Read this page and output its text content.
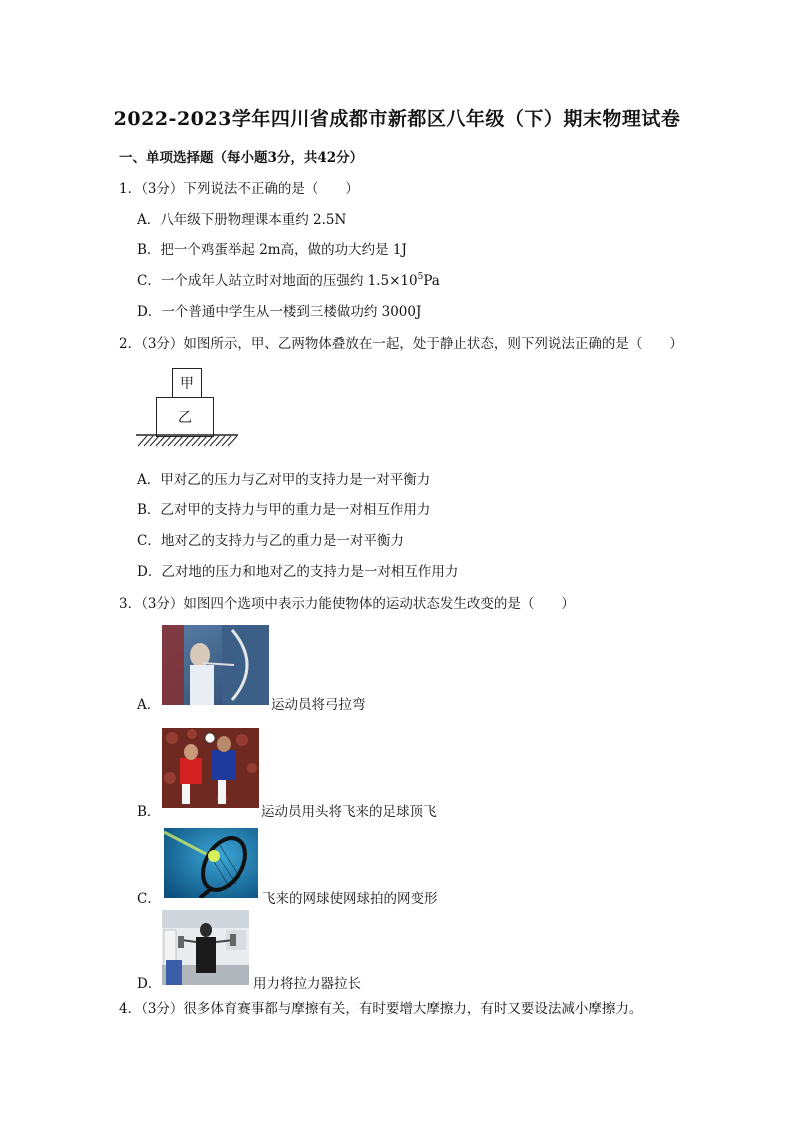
2022-2023学年四川省成都市新都区八年级（下）期末物理试卷
一、单项选择题（每小题3分，共42分）
1．（3分）下列说法不正确的是（　　）
A．八年级下册物理课本重约 2.5N
B．把一个鸡蛋举起 2m高，做的功大约是 1J
C．一个成年人站立时对地面的压强约 $1.5\times 10^5Pa$
D．一个普通中学生从一楼到三楼做功约 3000J
2．（3分）如图所示，甲、乙两物体叠放在一起，处于静止状态，则下列说法正确的是（　　）
甲
乙
A．甲对乙的压力与乙对甲的支持力是一对平衡力
B．乙对甲的支持力与甲的重力是一对相互作用力
C．地对乙的支持力与乙的重力是一对平衡力
D．乙对地的压力和地对乙的支持力是一对相互作用力
3．（3分）如图四个选项中表示力能使物体的运动状态发生改变的是（　　）
A．	运动员将弓拉弯
B．	运动员用头将飞来的足球顶飞
C．	飞来的网球使网球拍的网变形
D．	用力将拉力器拉长
4．（3分）很多体育赛事都与摩擦有关，有时要增大摩擦力，有时又要设法减小摩擦力。
